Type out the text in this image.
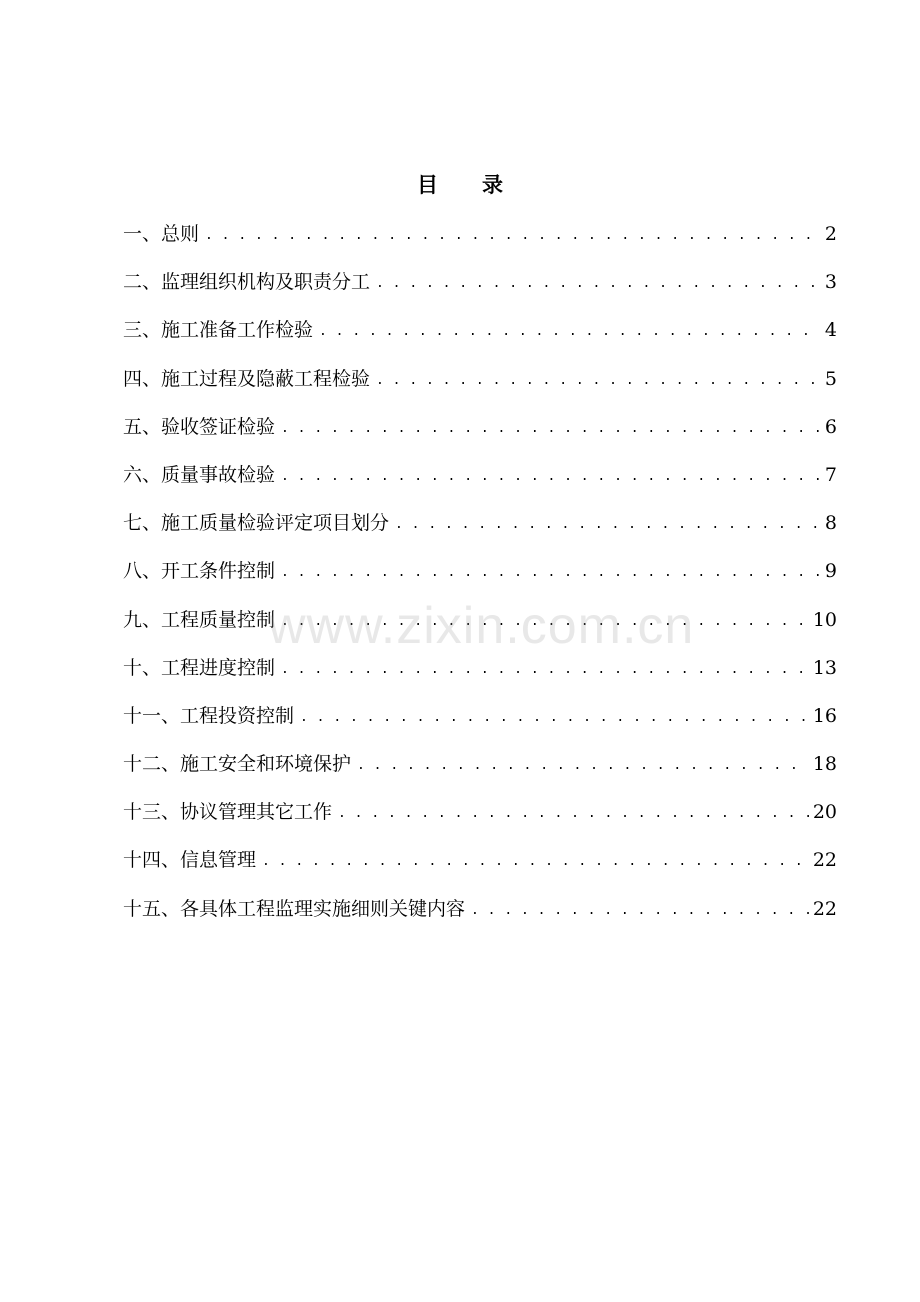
目录
一、总则 . . .	2
二、监理组织机构及职责分工 . . .	3
三、施工准备工作检验 . . .	4
四、施工过程及隐蔽工程检验 . . .	5
五、验收签证检验 . . .	6
六、质量事故检验 . . .	7
七、施工质量检验评定项目划分 . . .	8
八、开工条件控制 . . .	9
九、工程质量控制 . . .	10
十、工程进度控制 . . .	13
十一、工程投资控制 . . .	16
十二、施工安全和环境保护 . . .	18
十三、协议管理其它工作 . . .	20
十四、信息管理 . . .	22
十五、各具体工程监理实施细则关键内容 . . .	22
www.zixin.com.cn
